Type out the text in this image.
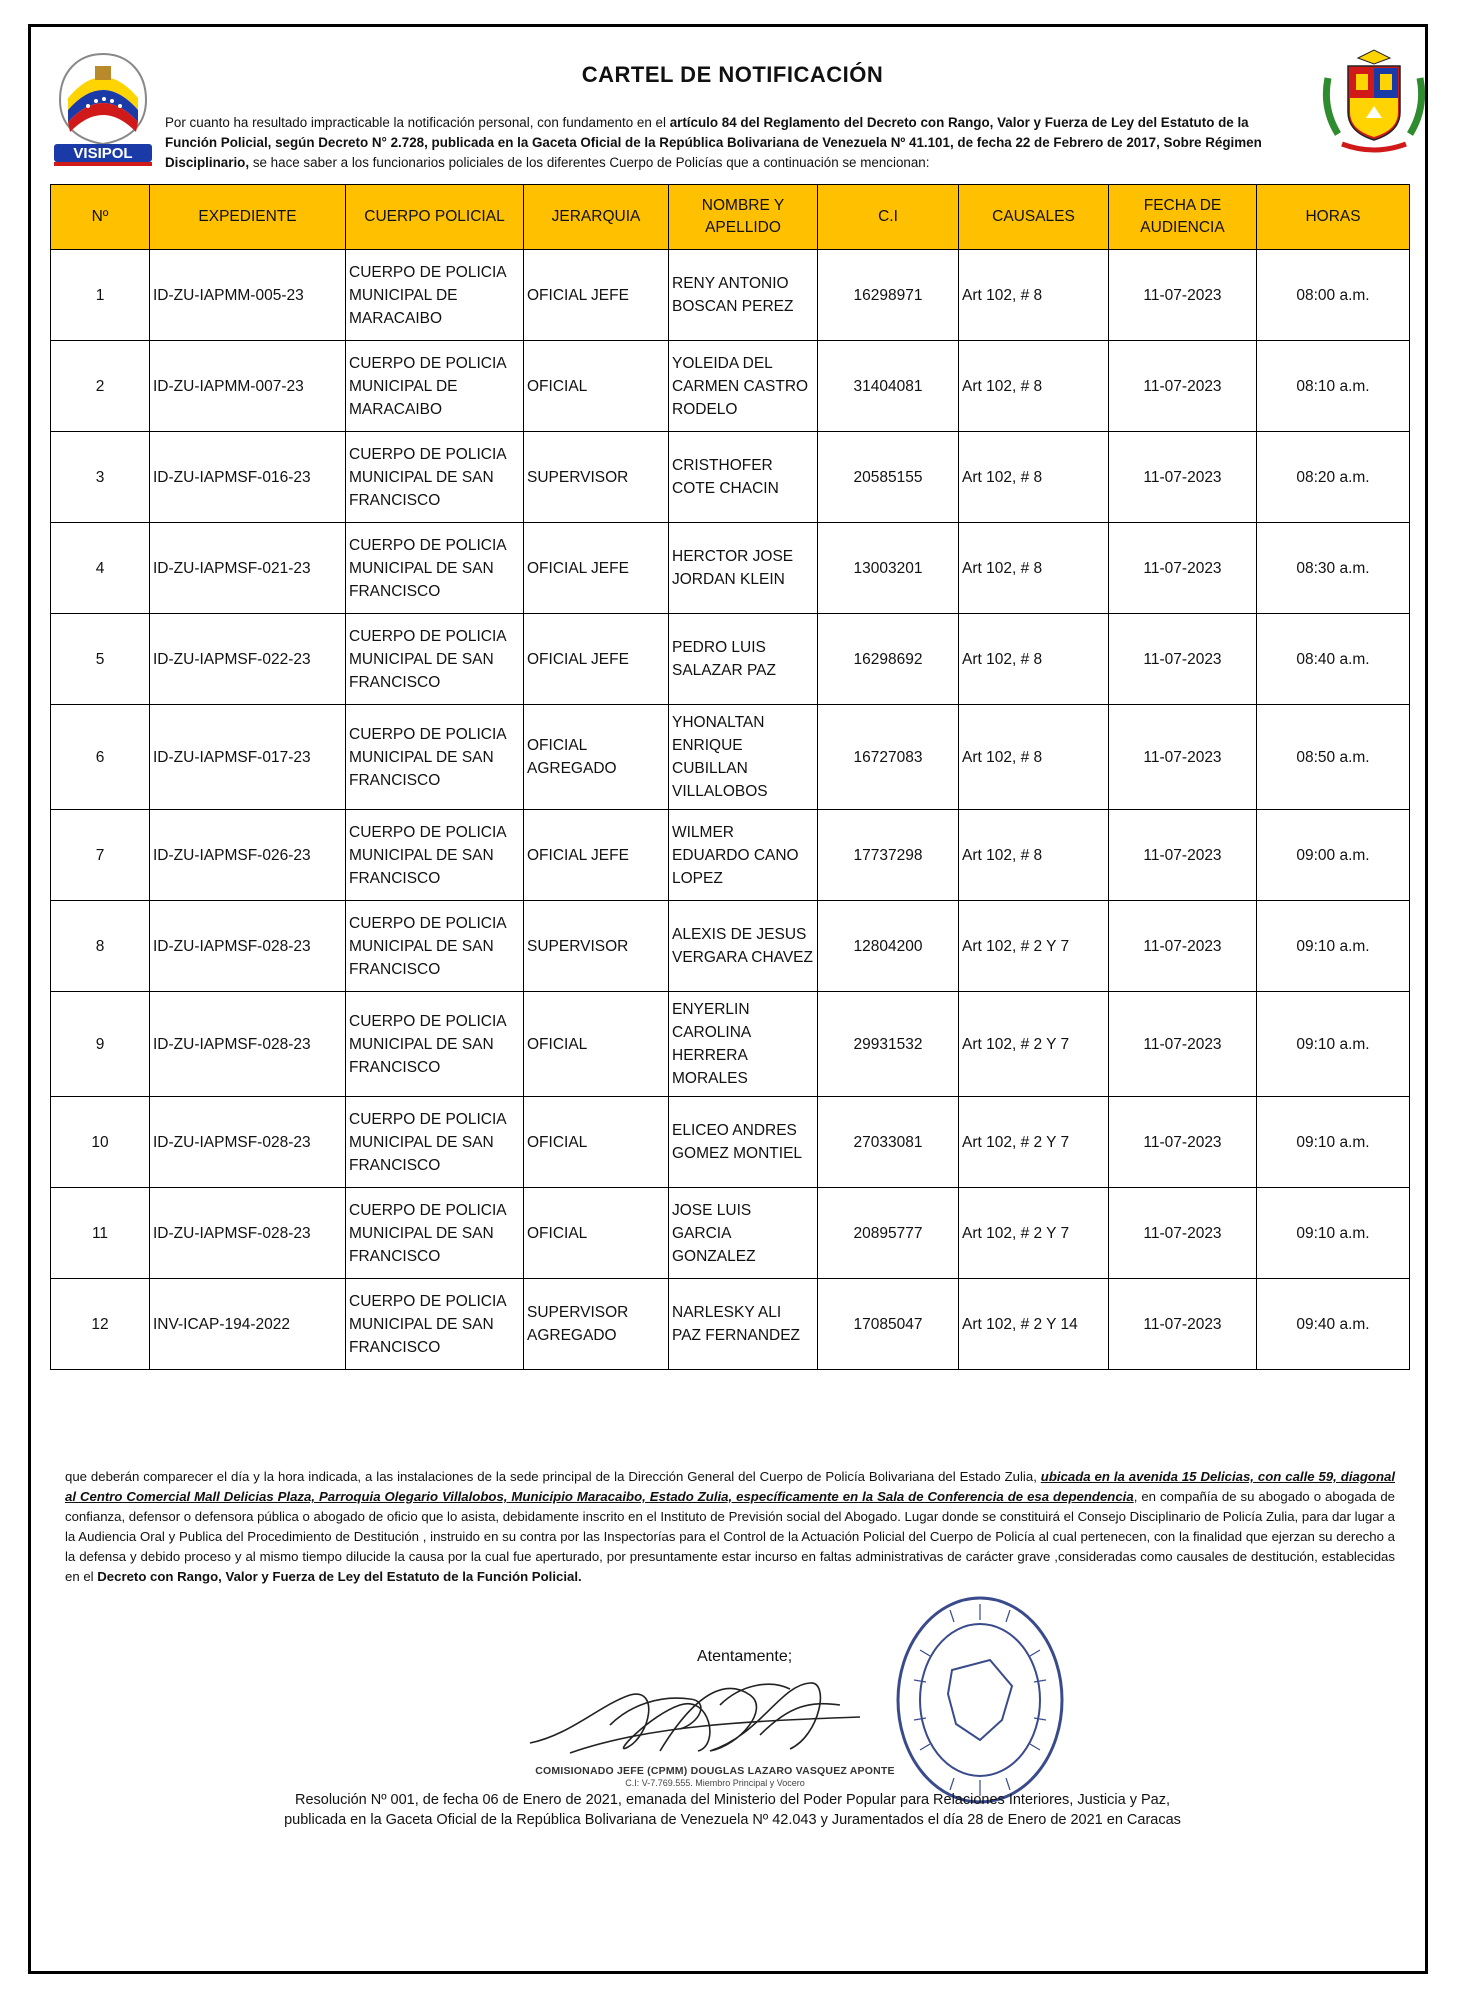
VISIPOL
CARTEL DE NOTIFICACIÓN
Por cuanto ha resultado impracticable la notificación personal, con fundamento en el artículo 84 del Reglamento del Decreto con Rango, Valor y Fuerza de Ley del Estatuto de la Función Policial, según Decreto N° 2.728, publicada en la Gaceta Oficial de la República Bolivariana de Venezuela Nº 41.101, de fecha 22 de Febrero de 2017, Sobre Régimen Disciplinario, se hace saber a los funcionarios policiales de los diferentes Cuerpo de Policías que a continuación se mencionan:
Nº	EXPEDIENTE	CUERPO POLICIAL	JERARQUIA	NOMBRE Y APELLIDO	C.I	CAUSALES	FECHA DE AUDIENCIA	HORAS
1	ID-ZU-IAPMM-005-23	CUERPO DE POLICIA MUNICIPAL DE MARACAIBO	OFICIAL JEFE	RENY ANTONIO BOSCAN PEREZ	16298971	Art 102, # 8	11-07-2023	08:00 a.m.
2	ID-ZU-IAPMM-007-23	CUERPO DE POLICIA MUNICIPAL DE MARACAIBO	OFICIAL	YOLEIDA DEL CARMEN CASTRO RODELO	31404081	Art 102, # 8	11-07-2023	08:10 a.m.
3	ID-ZU-IAPMSF-016-23	CUERPO DE POLICIA MUNICIPAL DE SAN FRANCISCO	SUPERVISOR	CRISTHOFER COTE CHACIN	20585155	Art 102, # 8	11-07-2023	08:20 a.m.
4	ID-ZU-IAPMSF-021-23	CUERPO DE POLICIA MUNICIPAL DE SAN FRANCISCO	OFICIAL JEFE	HERCTOR JOSE JORDAN KLEIN	13003201	Art 102, # 8	11-07-2023	08:30 a.m.
5	ID-ZU-IAPMSF-022-23	CUERPO DE POLICIA MUNICIPAL DE SAN FRANCISCO	OFICIAL JEFE	PEDRO LUIS SALAZAR PAZ	16298692	Art 102, # 8	11-07-2023	08:40 a.m.
6	ID-ZU-IAPMSF-017-23	CUERPO DE POLICIA MUNICIPAL DE SAN FRANCISCO	OFICIAL AGREGADO	YHONALTAN ENRIQUE CUBILLAN VILLALOBOS	16727083	Art 102, # 8	11-07-2023	08:50 a.m.
7	ID-ZU-IAPMSF-026-23	CUERPO DE POLICIA MUNICIPAL DE SAN FRANCISCO	OFICIAL JEFE	WILMER EDUARDO CANO LOPEZ	17737298	Art 102, # 8	11-07-2023	09:00 a.m.
8	ID-ZU-IAPMSF-028-23	CUERPO DE POLICIA MUNICIPAL DE SAN FRANCISCO	SUPERVISOR	ALEXIS DE JESUS VERGARA CHAVEZ	12804200	Art 102, # 2 Y 7	11-07-2023	09:10 a.m.
9	ID-ZU-IAPMSF-028-23	CUERPO DE POLICIA MUNICIPAL DE SAN FRANCISCO	OFICIAL	ENYERLIN CAROLINA HERRERA MORALES	29931532	Art 102, # 2 Y 7	11-07-2023	09:10 a.m.
10	ID-ZU-IAPMSF-028-23	CUERPO DE POLICIA MUNICIPAL DE SAN FRANCISCO	OFICIAL	ELICEO ANDRES GOMEZ MONTIEL	27033081	Art 102, # 2 Y 7	11-07-2023	09:10 a.m.
11	ID-ZU-IAPMSF-028-23	CUERPO DE POLICIA MUNICIPAL DE SAN FRANCISCO	OFICIAL	JOSE LUIS GARCIA GONZALEZ	20895777	Art 102, # 2 Y 7	11-07-2023	09:10 a.m.
12	INV-ICAP-194-2022	CUERPO DE POLICIA MUNICIPAL DE SAN FRANCISCO	SUPERVISOR AGREGADO	NARLESKY ALI PAZ FERNANDEZ	17085047	Art 102, # 2 Y 14	11-07-2023	09:40 a.m.
que deberán comparecer el día y la hora indicada, a las instalaciones de la sede principal de la Dirección General del Cuerpo de Policía Bolivariana del Estado Zulia, ubicada en la avenida 15 Delicias, con calle 59, diagonal al Centro Comercial Mall Delicias Plaza, Parroquia Olegario Villalobos, Municipio Maracaibo, Estado Zulia, específicamente en la Sala de Conferencia de esa dependencia, en compañía de su abogado o abogada de confianza, defensor o defensora pública o abogado de oficio que lo asista, debidamente inscrito en el Instituto de Previsión social del Abogado. Lugar donde se constituirá el Consejo Disciplinario de Policía Zulia, para dar lugar a la Audiencia Oral y Publica del Procedimiento de Destitución , instruido en su contra por las Inspectorías para el Control de la Actuación Policial del Cuerpo de Policía al cual pertenecen, con la finalidad que ejerzan su derecho a la defensa y debido proceso y al mismo tiempo dilucide la causa por la cual fue aperturado, por presuntamente estar incurso en faltas administrativas de carácter grave ,consideradas como causales de destitución, establecidas en el Decreto con Rango, Valor y Fuerza de Ley del Estatuto de la Función Policial.
Atentamente;
COMISIONADO JEFE (CPMM) DOUGLAS LAZARO VASQUEZ APONTE
C.I: V-7.769.555. Miembro Principal y Vocero
Resolución Nº 001, de fecha 06 de Enero de 2021, emanada del Ministerio del Poder Popular para Relaciones Interiores, Justicia y Paz,
publicada en la Gaceta Oficial de la República Bolivariana de Venezuela Nº 42.043 y Juramentados el día 28 de Enero de 2021 en Caracas
